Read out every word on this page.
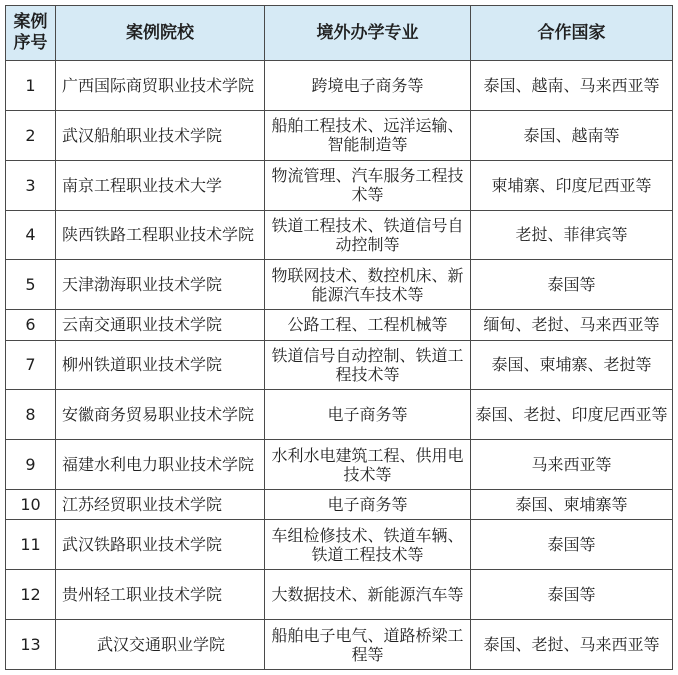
案例序号	案例院校	境外办学专业	合作国家
1	广西国际商贸职业技术学院	跨境电子商务等	泰国、越南、马来西亚等
2	武汉船舶职业技术学院	船舶工程技术、远洋运输、智能制造等	泰国、越南等
3	南京工程职业技术大学	物流管理、汽车服务工程技术等	柬埔寨、印度尼西亚等
4	陕西铁路工程职业技术学院	铁道工程技术、铁道信号自动控制等	老挝、菲律宾等
5	天津渤海职业技术学院	物联网技术、数控机床、新能源汽车技术等	泰国等
6	云南交通职业技术学院	公路工程、工程机械等	缅甸、老挝、马来西亚等
7	柳州铁道职业技术学院	铁道信号自动控制、铁道工程技术等	泰国、柬埔寨、老挝等
8	安徽商务贸易职业技术学院	电子商务等	泰国、老挝、印度尼西亚等
9	福建水利电力职业技术学院	水利水电建筑工程、供用电技术等	马来西亚等
10	江苏经贸职业技术学院	电子商务等	泰国、柬埔寨等
11	武汉铁路职业技术学院	车组检修技术、铁道车辆、铁道工程技术等	泰国等
12	贵州轻工职业技术学院	大数据技术、新能源汽车等	泰国等
13	武汉交通职业学院	船舶电子电气、道路桥梁工程等	泰国、老挝、马来西亚等
